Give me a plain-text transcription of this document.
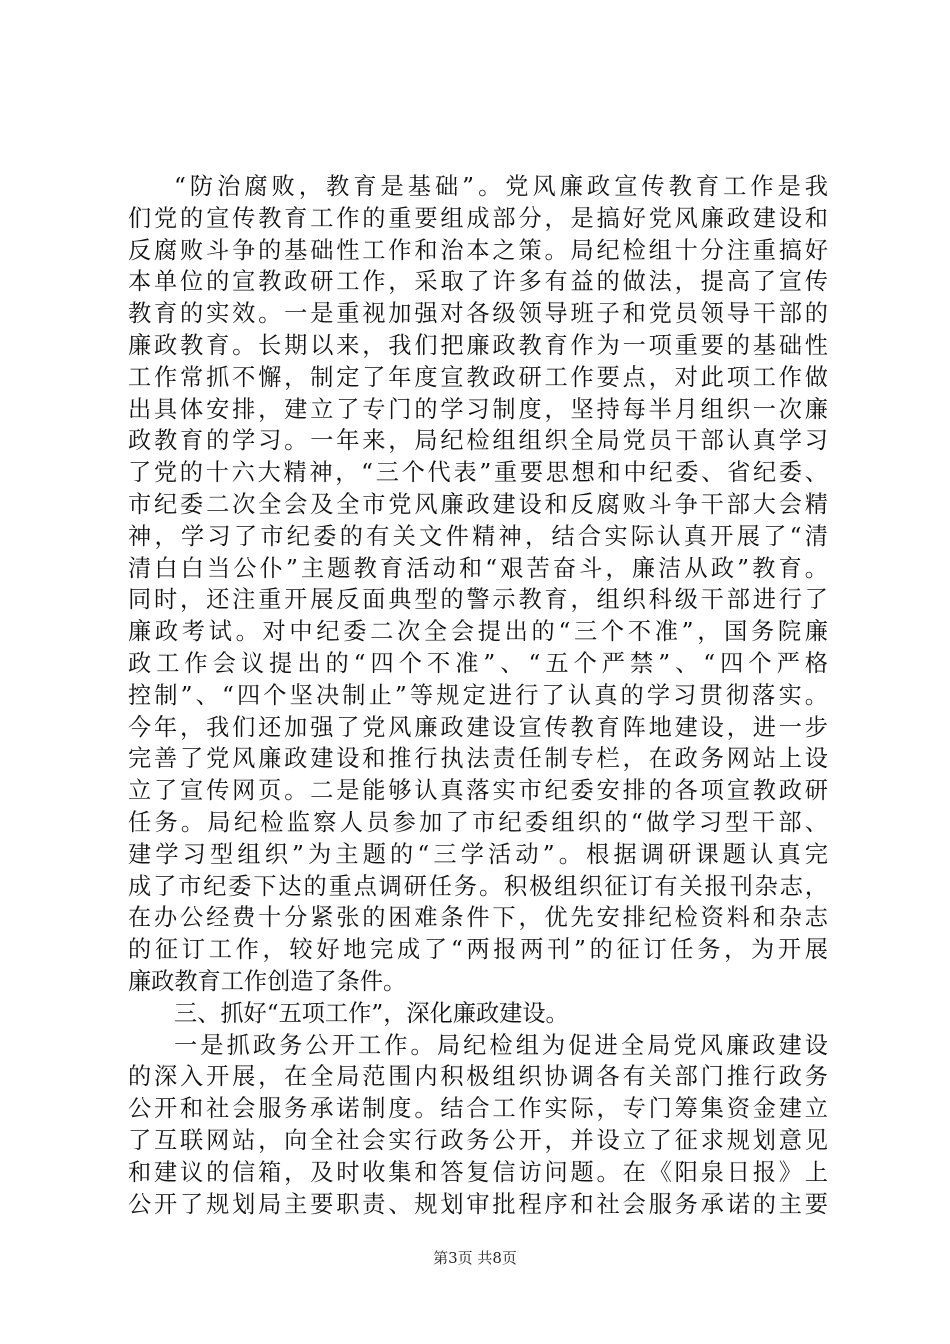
“防治腐败，教育是基础”。党风廉政宣传教育工作是我
们党的宣传教育工作的重要组成部分，是搞好党风廉政建设和
反腐败斗争的基础性工作和治本之策。局纪检组十分注重搞好
本单位的宣教政研工作，采取了许多有益的做法，提高了宣传
教育的实效。一是重视加强对各级领导班子和党员领导干部的
廉政教育。长期以来，我们把廉政教育作为一项重要的基础性
工作常抓不懈，制定了年度宣教政研工作要点，对此项工作做
出具体安排，建立了专门的学习制度，坚持每半月组织一次廉
政教育的学习。一年来，局纪检组组织全局党员干部认真学习
了党的十六大精神，“三个代表”重要思想和中纪委、省纪委、
市纪委二次全会及全市党风廉政建设和反腐败斗争干部大会精
神，学习了市纪委的有关文件精神，结合实际认真开展了“清
清白白当公仆”主题教育活动和“艰苦奋斗，廉洁从政”教育。
同时，还注重开展反面典型的警示教育，组织科级干部进行了
廉政考试。对中纪委二次全会提出的“三个不准”，国务院廉
政工作会议提出的“四个不准”、“五个严禁”、“四个严格
控制”、“四个坚决制止”等规定进行了认真的学习贯彻落实。
今年，我们还加强了党风廉政建设宣传教育阵地建设，进一步
完善了党风廉政建设和推行执法责任制专栏，在政务网站上设
立了宣传网页。二是能够认真落实市纪委安排的各项宣教政研
任务。局纪检监察人员参加了市纪委组织的“做学习型干部、
建学习型组织”为主题的“三学活动”。根据调研课题认真完
成了市纪委下达的重点调研任务。积极组织征订有关报刊杂志，
在办公经费十分紧张的困难条件下，优先安排纪检资料和杂志
的征订工作，较好地完成了“两报两刊”的征订任务，为开展
廉政教育工作创造了条件。
三、抓好“五项工作”，深化廉政建设。
一是抓政务公开工作。局纪检组为促进全局党风廉政建设
的深入开展，在全局范围内积极组织协调各有关部门推行政务
公开和社会服务承诺制度。结合工作实际，专门筹集资金建立
了互联网站，向全社会实行政务公开，并设立了征求规划意见
和建议的信箱，及时收集和答复信访问题。在《阳泉日报》上
公开了规划局主要职责、规划审批程序和社会服务承诺的主要
第3页 共8页
